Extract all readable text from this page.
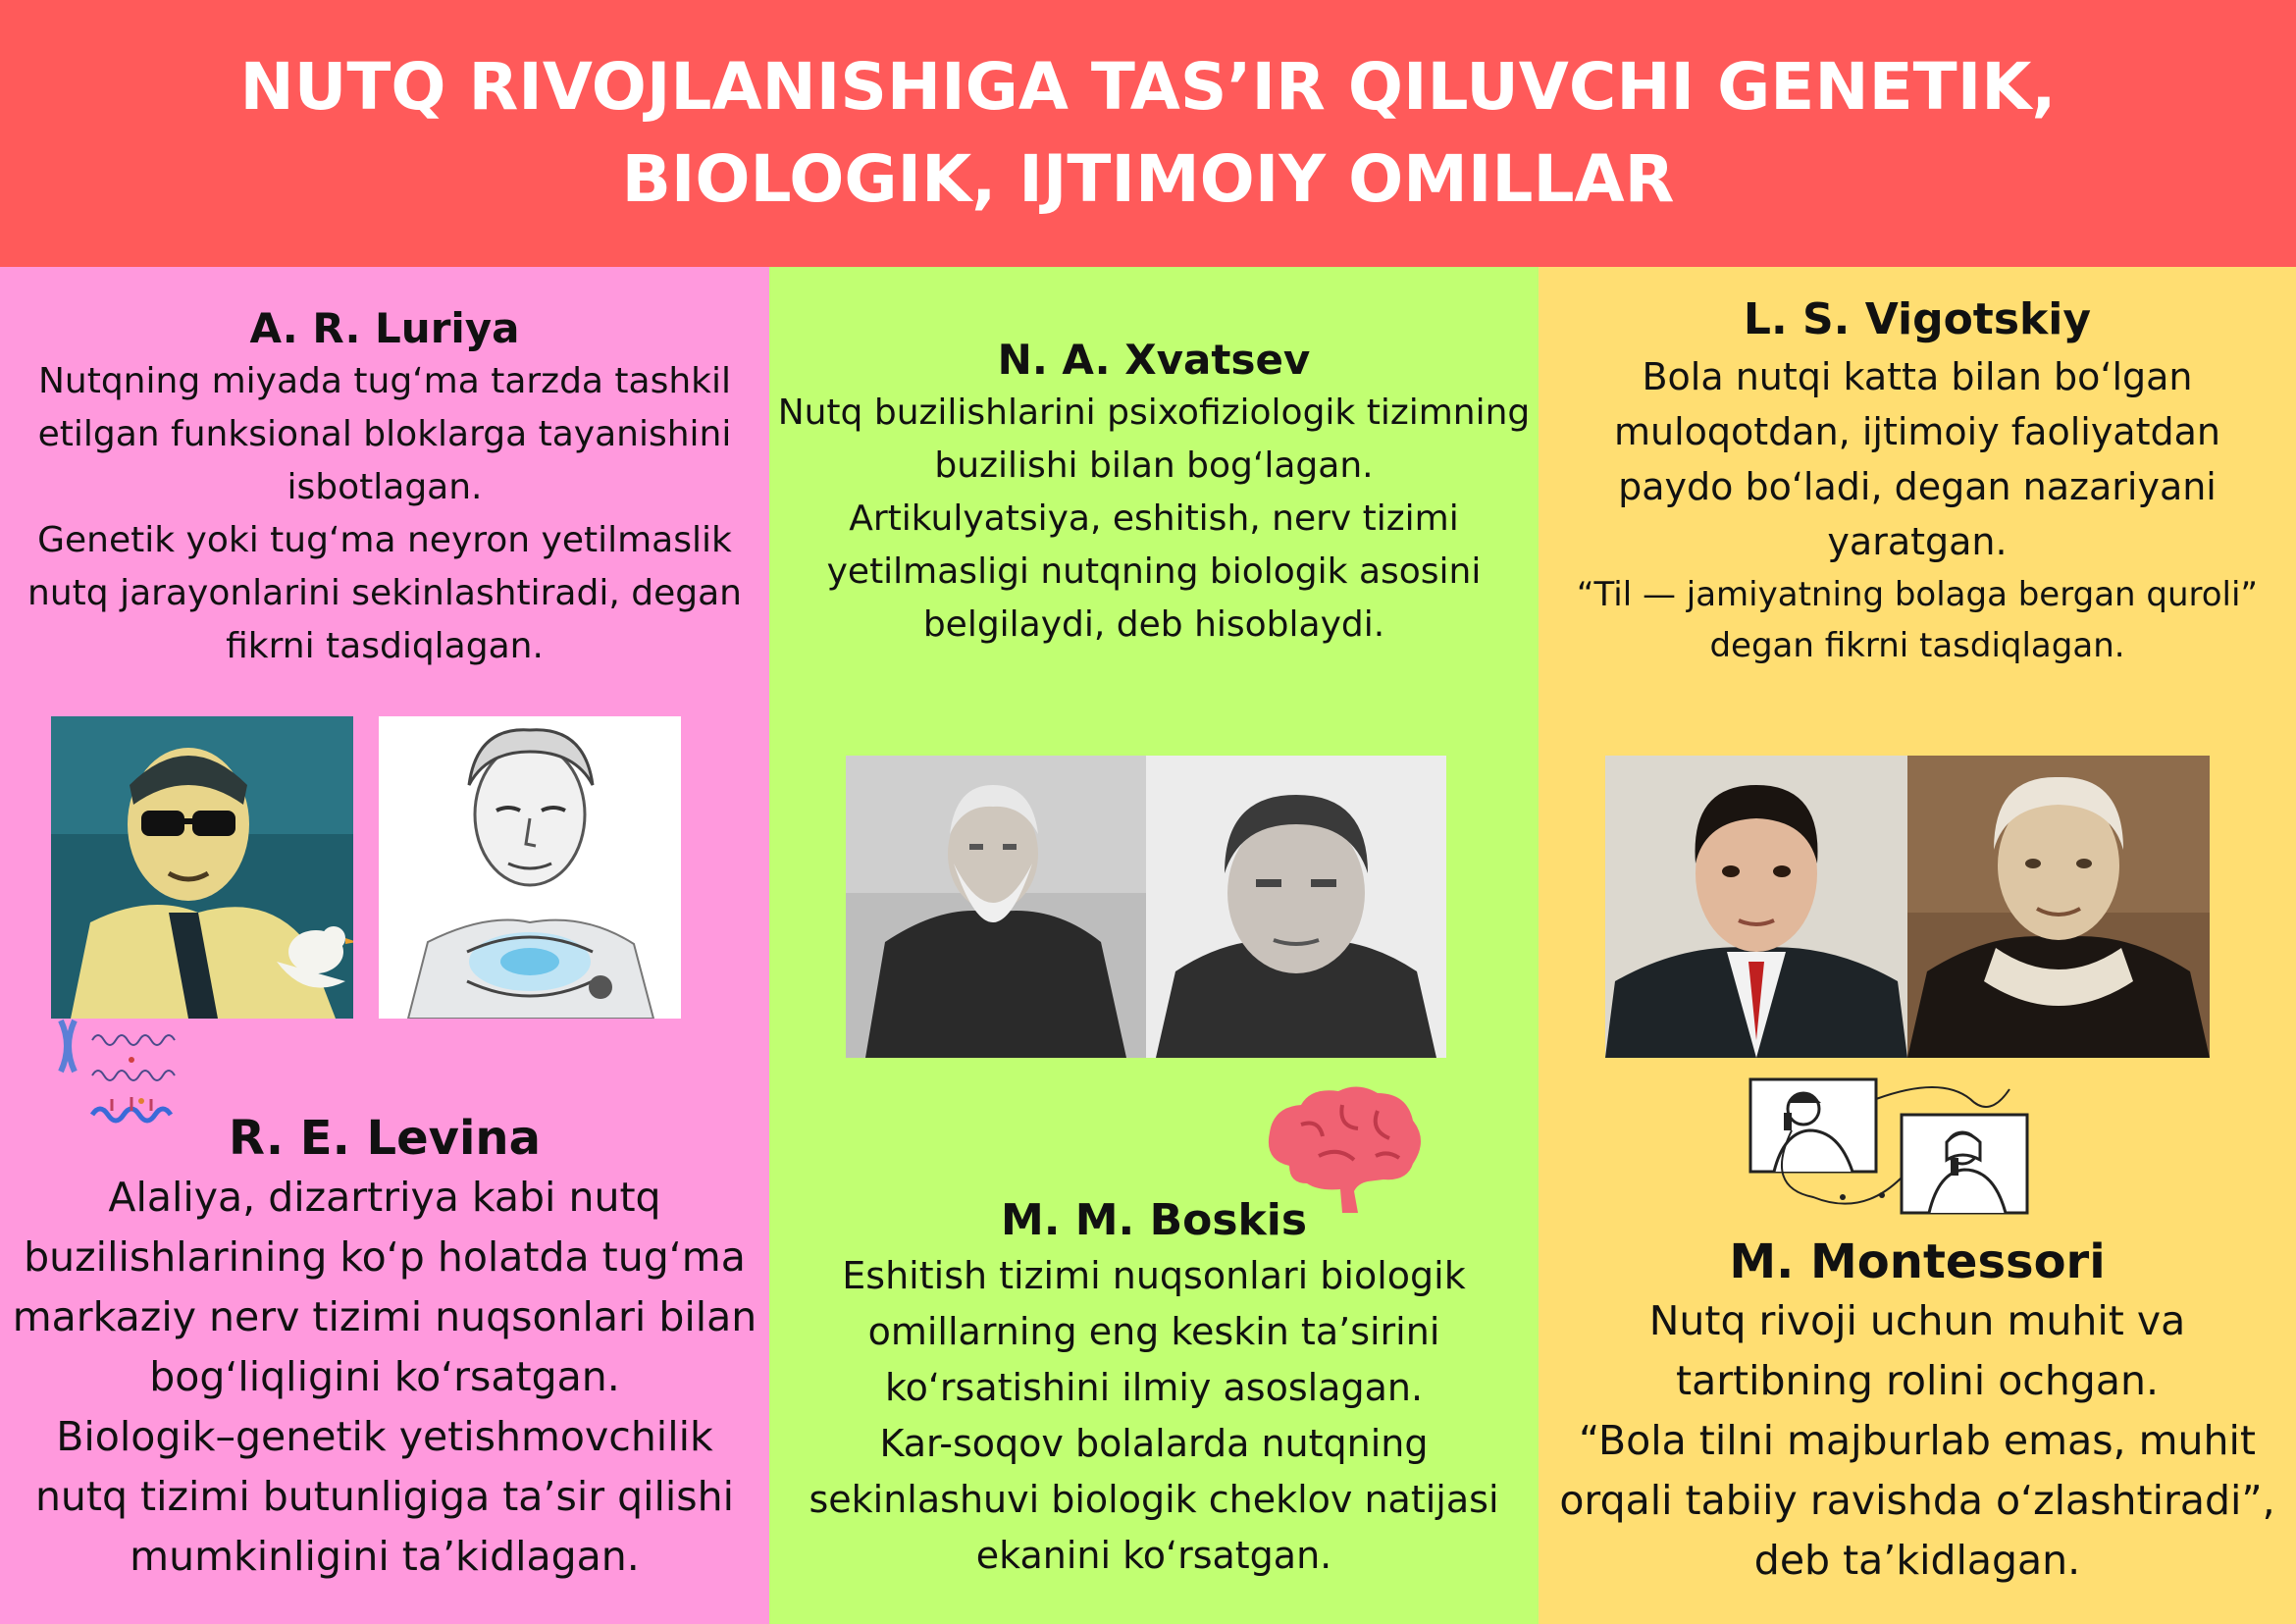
NUTQ RIVOJLANISHIGA TAS’IR QILUVCHI GENETIK, BIOLOGIK, IJTIMOIY OMILLAR

A. R. Luriya

Nutqning miyada tug‘ma tarzda tashkil

etilgan funksional bloklarga tayanishini

isbotlagan.

Genetik yoki tug‘ma neyron yetilmaslik

nutq jarayonlarini sekinlashtiradi, degan

fikrni tasdiqlagan.

R. E. Levina

Alaliya, dizartriya kabi nutq

buzilishlarining ko‘p holatda tug‘ma

markaziy nerv tizimi nuqsonlari bilan

bog‘liqligini ko‘rsatgan.

Biologik–genetik yetishmovchilik

nutq tizimi butunligiga ta’sir qilishi

mumkinligini ta’kidlagan.

N. A. Xvatsev

Nutq buzilishlarini psixofiziologik tizimning

buzilishi bilan bog‘lagan.

Artikulyatsiya, eshitish, nerv tizimi

yetilmasligi nutqning biologik asosini

belgilaydi, deb hisoblaydi.

M. M. Boskis

Eshitish tizimi nuqsonlari biologik

omillarning eng keskin ta’sirini

ko‘rsatishini ilmiy asoslagan.

Kar-soqov bolalarda nutqning

sekinlashuvi biologik cheklov natijasi

ekanini ko‘rsatgan.

L. S. Vigotskiy

Bola nutqi katta bilan bo‘lgan

muloqotdan, ijtimoiy faoliyatdan

paydo bo‘ladi, degan nazariyani

yaratgan.

“Til — jamiyatning bolaga bergan quroli”

degan fikrni tasdiqlagan.

M. Montessori

Nutq rivoji uchun muhit va

tartibning rolini ochgan.

“Bola tilni majburlab emas, muhit

orqali tabiiy ravishda o‘zlashtiradi”,

deb ta’kidlagan.
